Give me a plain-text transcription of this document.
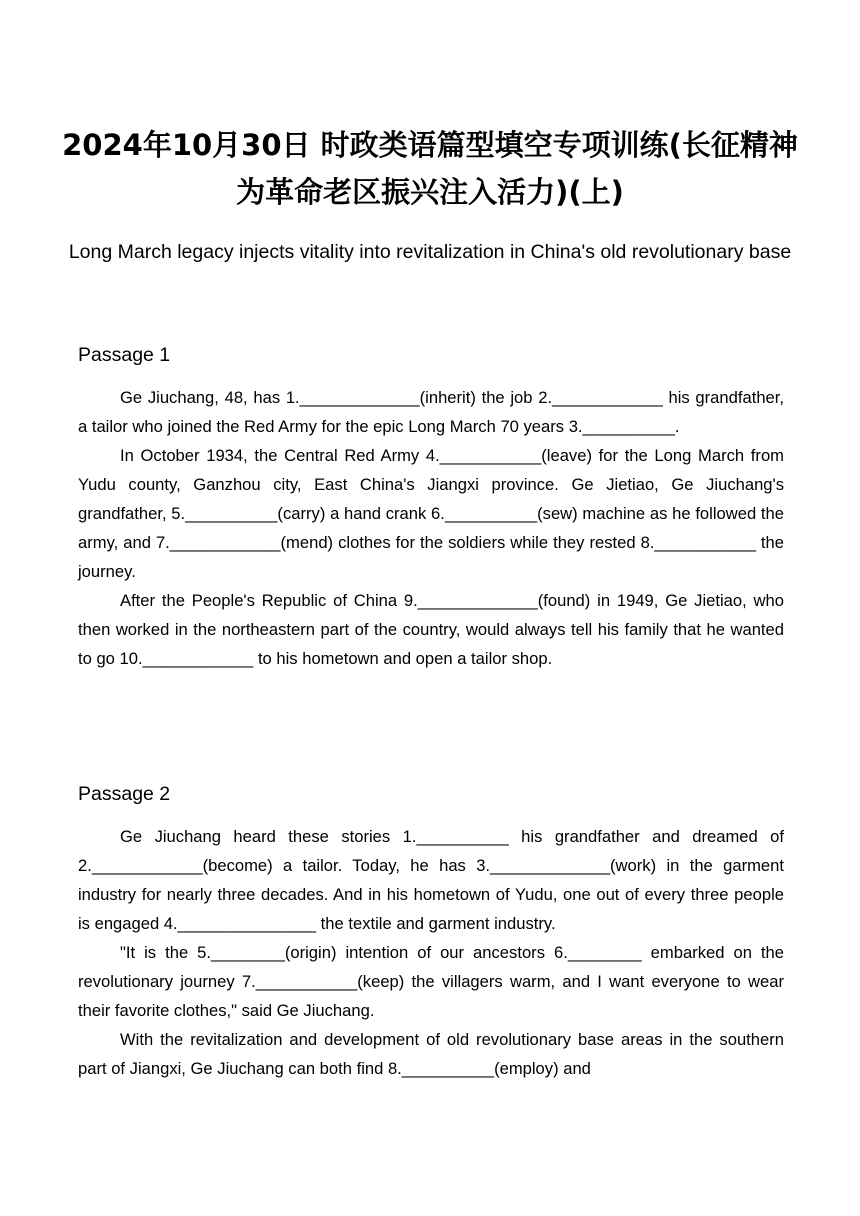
2024年10月30日 时政类语篇型填空专项训练(长征精神为革命老区振兴注入活力)(上)
Long March legacy injects vitality into revitalization in China's old revolutionary base
Passage 1

Ge Jiuchang, 48, has 1._____________(inherit) the job 2.____________ his grandfather, a tailor who joined the Red Army for the epic Long March 70 years 3.__________.

In October 1934, the Central Red Army 4.___________(leave) for the Long March from Yudu county, Ganzhou city, East China's Jiangxi province. Ge Jietiao, Ge Jiuchang's grandfather, 5.__________(carry) a hand crank 6.__________(sew) machine as he followed the army, and 7.____________(mend) clothes for the soldiers while they rested 8.___________ the journey.

After the People's Republic of China 9._____________(found) in 1949, Ge Jietiao, who then worked in the northeastern part of the country, would always tell his family that he wanted to go 10.____________ to his hometown and open a tailor shop.

Passage 2

Ge Jiuchang heard these stories 1.__________ his grandfather and dreamed of 2.____________(become) a tailor. Today, he has 3._____________(work) in the garment industry for nearly three decades. And in his hometown of Yudu, one out of every three people is engaged 4._______________ the textile and garment industry.

"It is the 5.________(origin) intention of our ancestors 6.________ embarked on the revolutionary journey 7.___________(keep) the villagers warm, and I want everyone to wear their favorite clothes," said Ge Jiuchang.

With the revitalization and development of old revolutionary base areas in the southern part of Jiangxi, Ge Jiuchang can both find 8.__________(employ) and
